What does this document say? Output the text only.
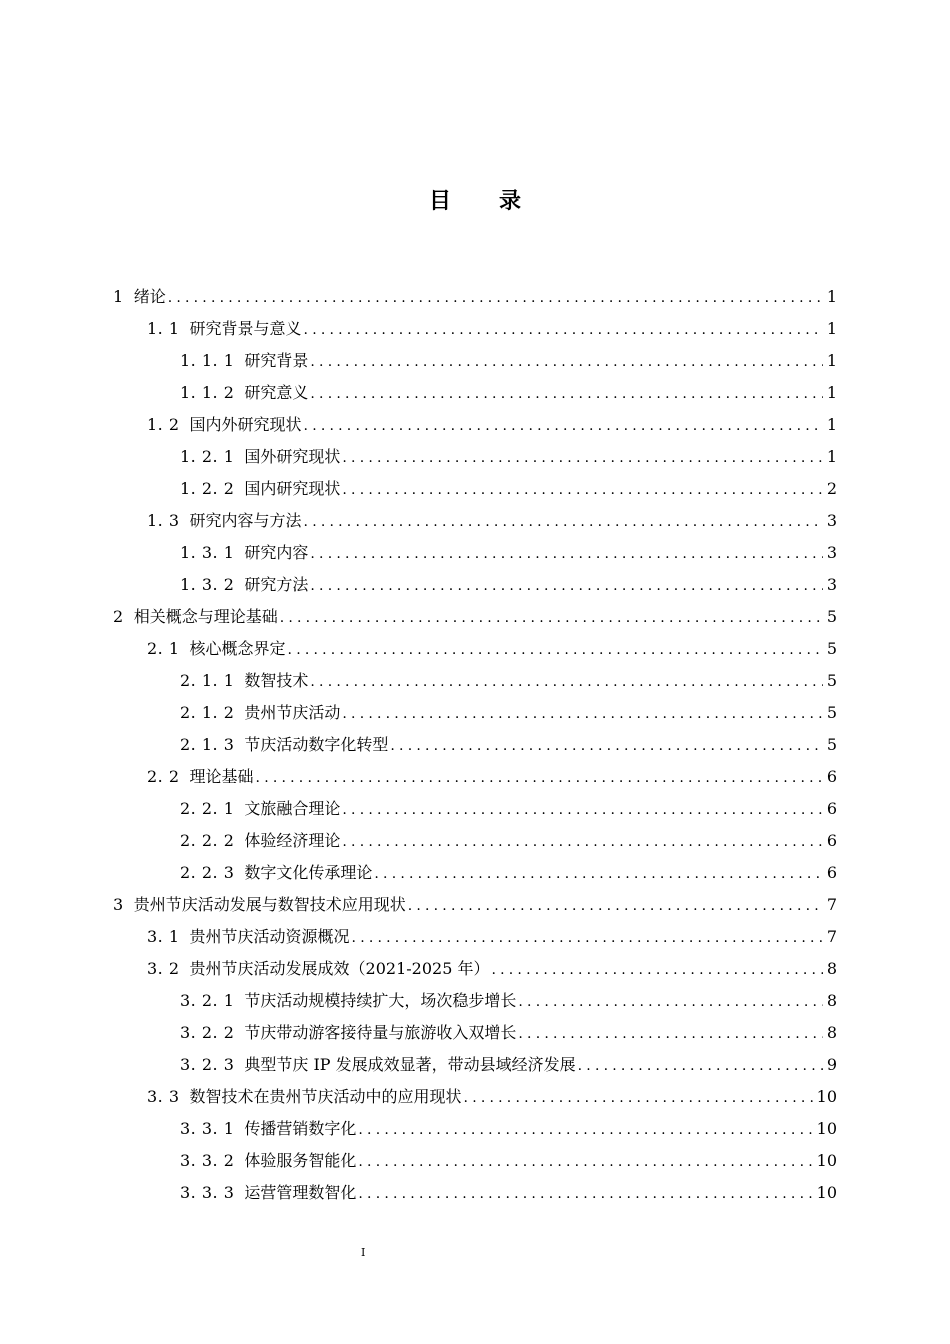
目 录
1 绪论 .....	1
1. 1 研究背景与意义 .....	1
1. 1. 1 研究背景 .....	1
1. 1. 2 研究意义 .....	1
1. 2 国内外研究现状 .....	1
1. 2. 1 国外研究现状 .....	1
1. 2. 2 国内研究现状 .....	2
1. 3 研究内容与方法 .....	3
1. 3. 1 研究内容 .....	3
1. 3. 2 研究方法 .....	3
2 相关概念与理论基础 .....	5
2. 1 核心概念界定 .....	5
2. 1. 1 数智技术 .....	5
2. 1. 2 贵州节庆活动 .....	5
2. 1. 3 节庆活动数字化转型 .....	5
2. 2 理论基础 .....	6
2. 2. 1 文旅融合理论 .....	6
2. 2. 2 体验经济理论 .....	6
2. 2. 3 数字文化传承理论 .....	6
3 贵州节庆活动发展与数智技术应用现状 .....	7
3. 1 贵州节庆活动资源概况 .....	7
3. 2 贵州节庆活动发展成效（2021-2025 年） .....	8
3. 2. 1 节庆活动规模持续扩大，场次稳步增长 .....	8
3. 2. 2 节庆带动游客接待量与旅游收入双增长 .....	8
3. 2. 3 典型节庆 IP 发展成效显著，带动县域经济发展 .....	9
3. 3 数智技术在贵州节庆活动中的应用现状 .....	10
3. 3. 1 传播营销数字化 .....	10
3. 3. 2 体验服务智能化 .....	10
3. 3. 3 运营管理数智化 .....	10
I
